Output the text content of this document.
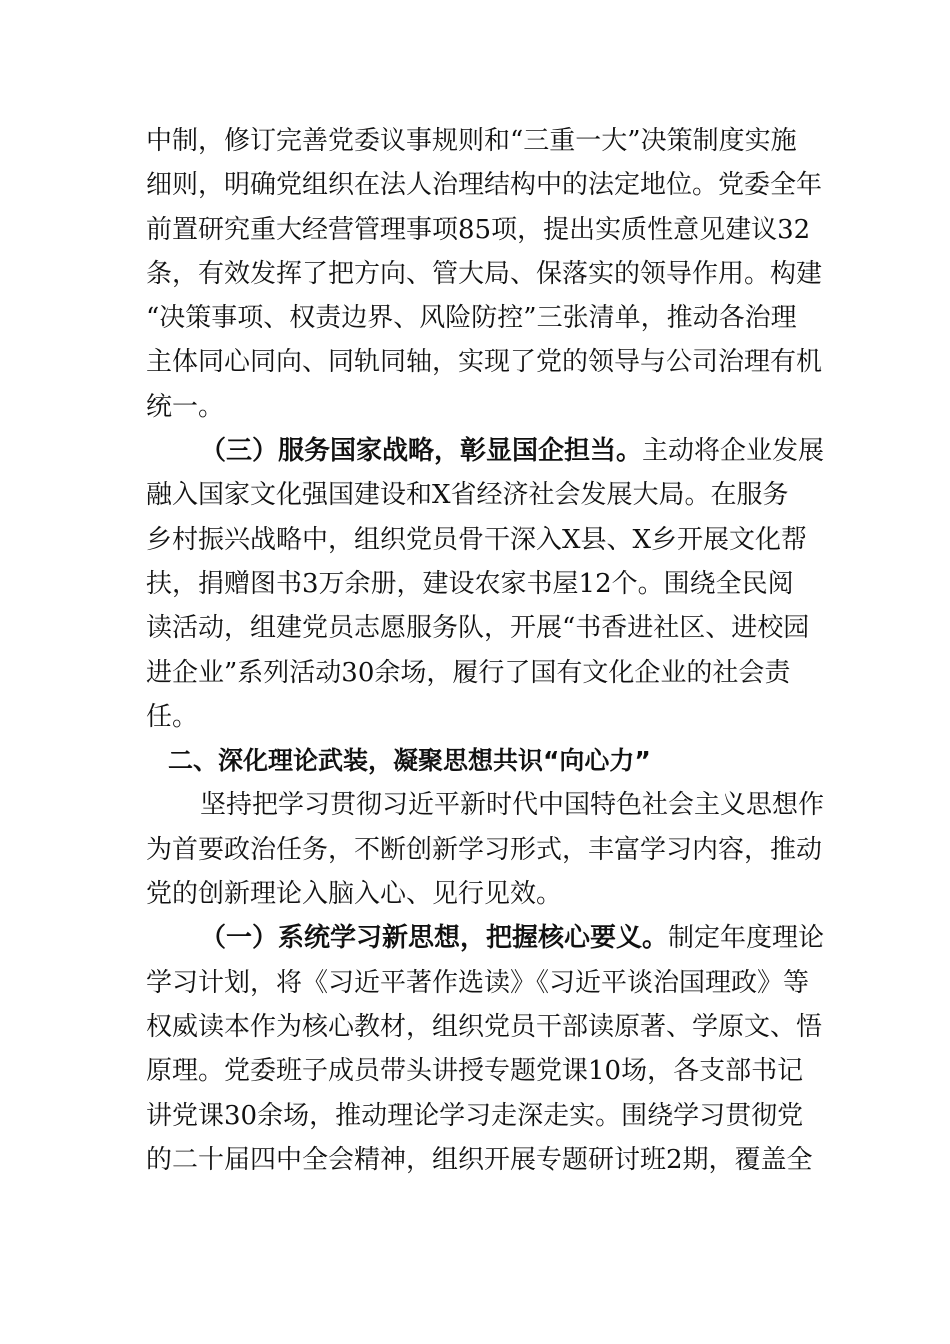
中制，修订完善党委议事规则和“三重一大”决策制度实施
细则，明确党组织在法人治理结构中的法定地位。党委全年
前置研究重大经营管理事项85项，提出实质性意见建议32
条，有效发挥了把方向、管大局、保落实的领导作用。构建
“决策事项、权责边界、风险防控”三张清单，推动各治理
主体同心同向、同轨同轴，实现了党的领导与公司治理有机
统一。
（三）服务国家战略，彰显国企担当。主动将企业发展
融入国家文化强国建设和X省经济社会发展大局。在服务
乡村振兴战略中，组织党员骨干深入X县、X乡开展文化帮
扶，捐赠图书3万余册，建设农家书屋12个。围绕全民阅
读活动，组建党员志愿服务队，开展“书香进社区、进校园
进企业”系列活动30余场，履行了国有文化企业的社会责
任。
二、深化理论武装，凝聚思想共识“向心力”
坚持把学习贯彻习近平新时代中国特色社会主义思想作
为首要政治任务，不断创新学习形式，丰富学习内容，推动
党的创新理论入脑入心、见行见效。
（一）系统学习新思想，把握核心要义。制定年度理论
学习计划，将《习近平著作选读》《习近平谈治国理政》等
权威读本作为核心教材，组织党员干部读原著、学原文、悟
原理。党委班子成员带头讲授专题党课10场，各支部书记
讲党课30余场，推动理论学习走深走实。围绕学习贯彻党
的二十届四中全会精神，组织开展专题研讨班2期，覆盖全
